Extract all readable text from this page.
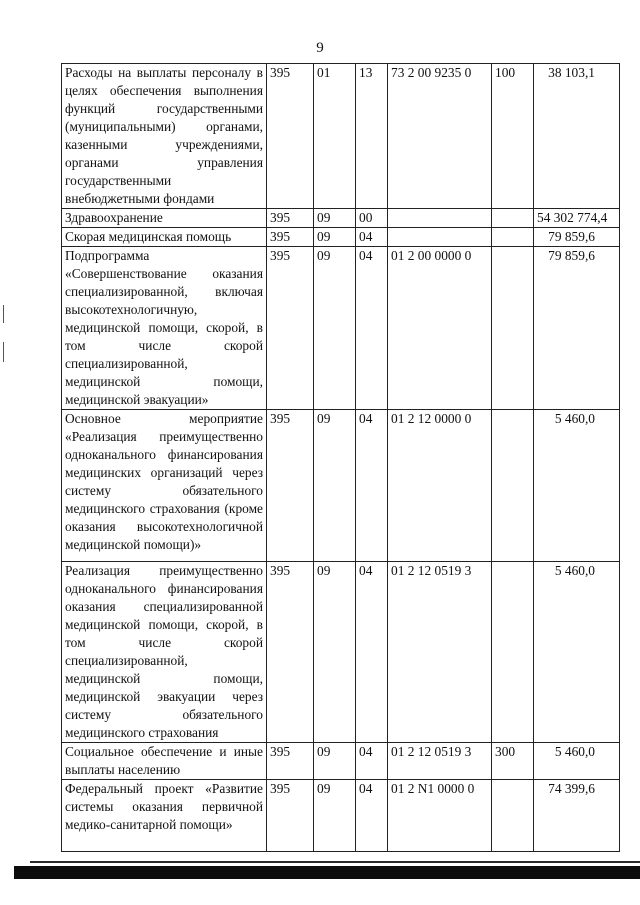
9
Расходы на выплаты персоналу в целях обеспечения выполнения функций государственными (муниципальными) органами, казенными учреждениями, органами управления государственными внебюджетными фондами	395	01	13	73 2 00 9235 0	100	38 103,1
Здравоохранение	395	09	00			54 302 774,4
Скорая медицинская помощь	395	09	04			79 859,6
Подпрограмма «Совершенствование оказания специализированной, включая высокотехнологичную, медицинской помощи, скорой, в том числе скорой специализированной, медицинской помощи, медицинской эвакуации»	395	09	04	01 2 00 0000 0		79 859,6
Основное мероприятие «Реализация преимущественно одноканального финансирования медицинских организаций через систему обязательного медицинского страхования (кроме оказания высокотехнологичной медицинской помощи)»	395	09	04	01 2 12 0000 0		5 460,0
Реализация преимущественно одноканального финансирования оказания специализированной медицинской помощи, скорой, в том числе скорой специализированной, медицинской помощи, медицинской эвакуации через систему обязательного медицинского страхования	395	09	04	01 2 12 0519 3		5 460,0
Социальное обеспечение и иные выплаты населению	395	09	04	01 2 12 0519 3	300	5 460,0
Федеральный проект «Развитие системы оказания первичной медико-санитарной помощи»	395	09	04	01 2 N1 0000 0		74 399,6
